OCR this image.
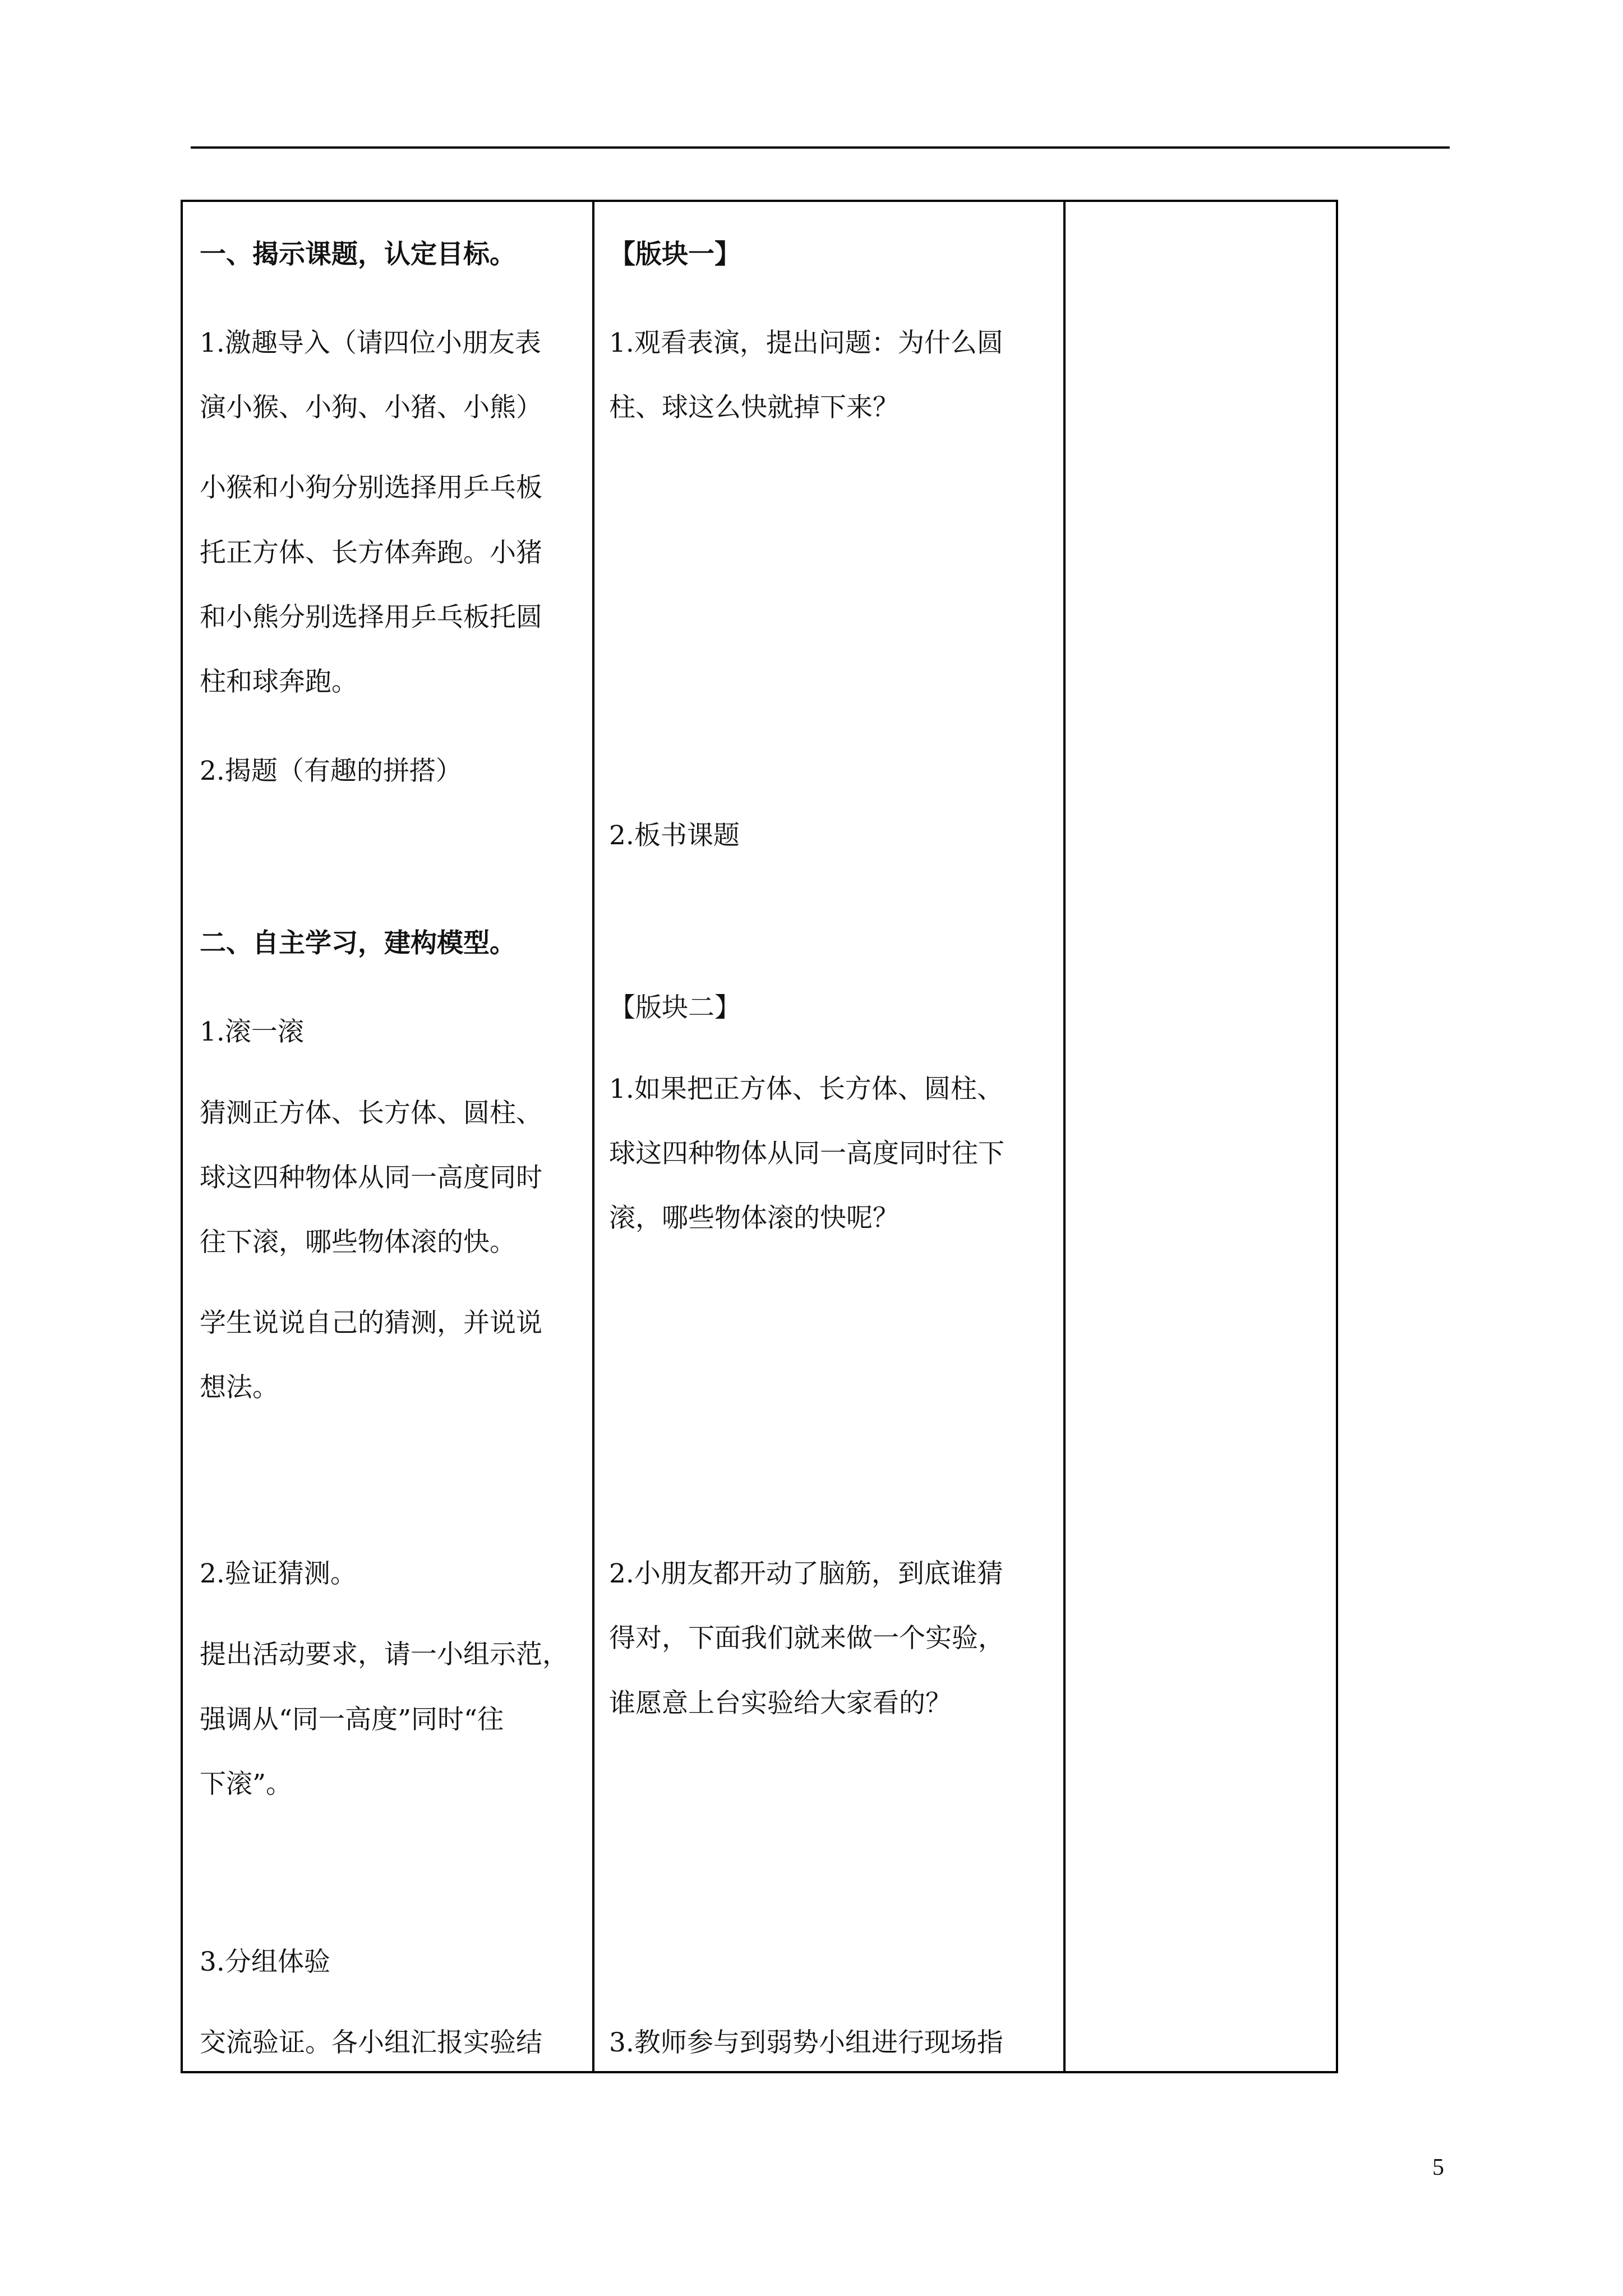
一、揭示课题，认定目标。
1.激趣导入（请四位小朋友表
演小猴、小狗、小猪、小熊）
小猴和小狗分别选择用乒乓板
托正方体、长方体奔跑。小猪
和小熊分别选择用乒乓板托圆
柱和球奔跑。
2.揭题（有趣的拼搭）
二、自主学习，建构模型。
1.滚一滚
猜测正方体、长方体、圆柱、
球这四种物体从同一高度同时
往下滚，哪些物体滚的快。
学生说说自己的猜测，并说说
想法。
2.验证猜测。
提出活动要求，请一小组示范，
强调从“同一高度”同时“往
下滚”。
3.分组体验
交流验证。各小组汇报实验结
【版块一】
1.观看表演，提出问题：为什么圆
柱、球这么快就掉下来？
2.板书课题
【版块二】
1.如果把正方体、长方体、圆柱、
球这四种物体从同一高度同时往下
滚，哪些物体滚的快呢？
2.小朋友都开动了脑筋，到底谁猜
得对，下面我们就来做一个实验，
谁愿意上台实验给大家看的？
3.教师参与到弱势小组进行现场指
5
